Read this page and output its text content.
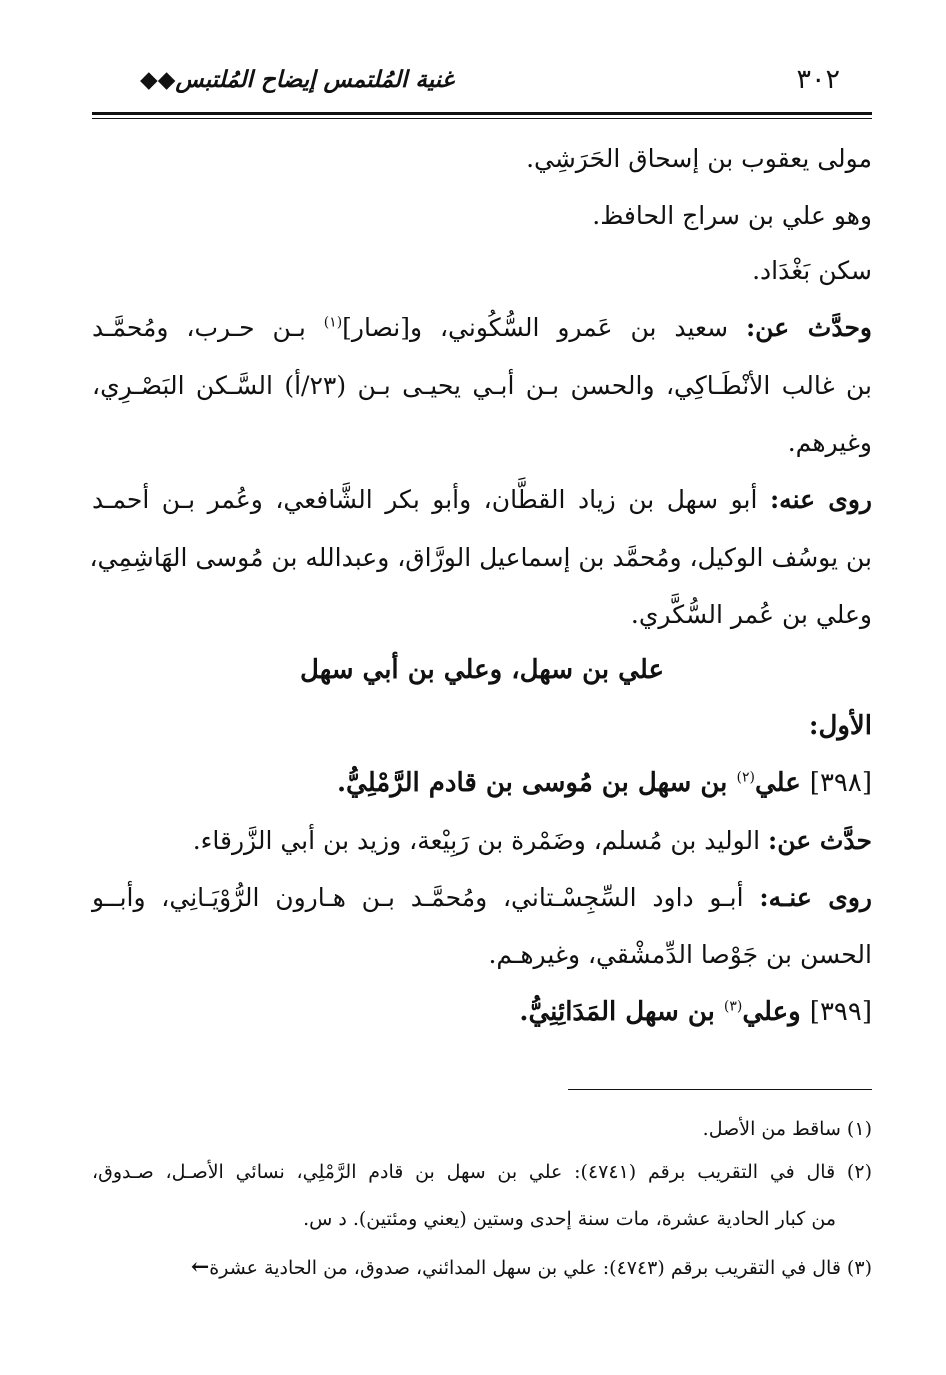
٣٠٢
غنية المُلتمس إيضاح المُلتبس◆◆
مولى يعقوب بن إسحاق الحَرَشِي.
وهو علي بن سراج الحافظ.
سكن بَغْدَاد.
وحدَّث عن: سعيد بن عَمرو السُّكُوني، و[نصار]$^{(١)}$ بـن حـرب، ومُحمَّـد
بن غالب الأنْطَـاكِي، والحسن بـن أبـي يحيـى بـن (٢٣/أ) السَّـكن البَصْـرِي،
وغيرهم.
روى عنه: أبو سهل بن زياد القطَّان، وأبو بكر الشَّافعي، وعُمر بـن أحمـد
بن يوسُف الوكيل، ومُحمَّد بن إسماعيل الورَّاق، وعبدالله بن مُوسى الهَاشِمِي،
وعلي بن عُمر السُّكَّري.
علي بن سهل، وعلي بن أبي سهل
الأول:
[٣٩٨] علي$^{(٢)}$ بن سهل بن مُوسى بن قادم الرَّمْلِيُّ.
حدَّث عن: الوليد بن مُسلم، وضَمْرة بن رَبِيْعة، وزيد بن أبي الزَّرقاء.
روى عنـه: أبـو داود السِّجِسْـتاني، ومُحمَّـد بـن هـارون الرُّوْيَـانِي، وأبــو
الحسن بن جَوْصا الدِّمشْقي، وغيرهـم.
[٣٩٩] وعلي$^{(٣)}$ بن سهل المَدَائِنِيُّ.
(١) ساقط من الأصل.
(٢) قال في التقريب برقم (٤٧٤١): علي بن سهل بن قادم الرَّمْلِي، نسائي الأصـل، صـدوق،
من كبار الحادية عشرة، مات سنة إحدى وستين (يعني ومئتين). د س.
(٣) قال في التقريب برقم (٤٧٤٣): علي بن سهل المدائني، صدوق، من الحادية عشرة←
